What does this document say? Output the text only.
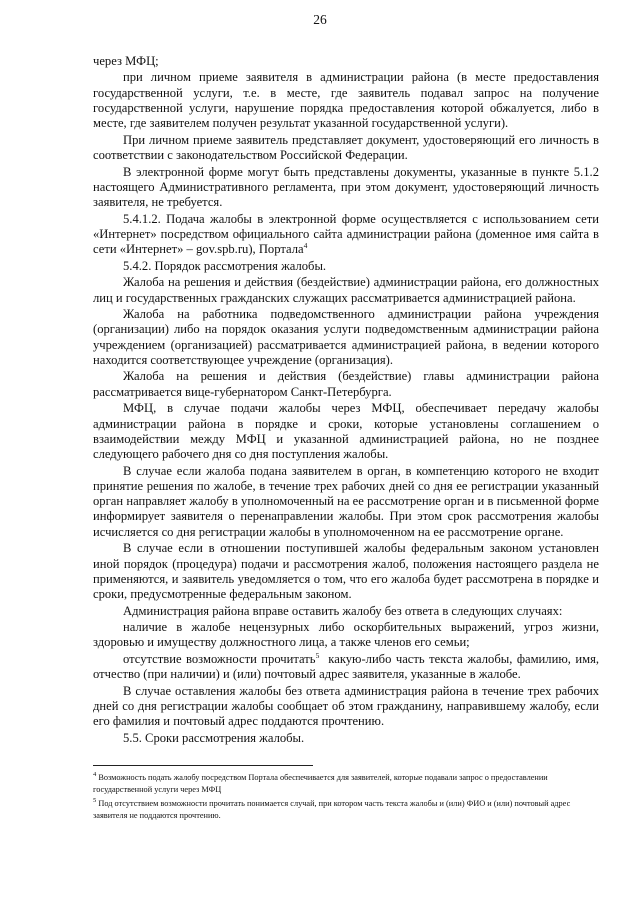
26

через МФЦ;

при личном приеме заявителя в администрации района (в месте предоставления государственной услуги, т.е. в месте, где заявитель подавал запрос на получение государственной услуги, нарушение порядка предоставления которой обжалуется, либо в месте, где заявителем получен результат указанной государственной услуги).

При личном приеме заявитель представляет документ, удостоверяющий его личность в соответствии с законодательством Российской Федерации.

В электронной форме могут быть представлены документы, указанные в пункте 5.1.2 настоящего Административного регламента, при этом документ, удостоверяющий личность заявителя, не требуется.

5.4.1.2. Подача жалобы в электронной форме осуществляется с использованием сети «Интернет» посредством официального сайта администрации района (доменное имя сайта в сети «Интернет» – gov.spb.ru), Портала$^4$

5.4.2. Порядок рассмотрения жалобы.

Жалоба на решения и действия (бездействие) администрации района, его должностных лиц и государственных гражданских служащих рассматривается администрацией района.

Жалоба на работника подведомственного администрации района учреждения (организации) либо на порядок оказания услуги подведомственным администрации района учреждением (организацией) рассматривается администрацией района, в ведении которого находится соответствующее учреждение (организация).

Жалоба на решения и действия (бездействие) главы администрации района рассматривается вице-губернатором Санкт-Петербурга.

МФЦ, в случае подачи жалобы через МФЦ, обеспечивает передачу жалобы администрации района в порядке и сроки, которые установлены соглашением о взаимодействии между МФЦ и указанной администрацией района, но не позднее следующего рабочего дня со дня поступления жалобы.

В случае если жалоба подана заявителем в орган, в компетенцию которого не входит принятие решения по жалобе, в течение трех рабочих дней со дня ее регистрации указанный орган направляет жалобу в уполномоченный на ее рассмотрение орган и в письменной форме информирует заявителя о перенаправлении жалобы. При этом срок рассмотрения жалобы исчисляется со дня регистрации жалобы в уполномоченном на ее рассмотрение органе.

В случае если в отношении поступившей жалобы федеральным законом установлен иной порядок (процедура) подачи и рассмотрения жалоб, положения настоящего раздела не применяются, и заявитель уведомляется о том, что его жалоба будет рассмотрена в порядке и сроки, предусмотренные федеральным законом.

Администрация района вправе оставить жалобу без ответа в следующих случаях:

наличие в жалобе нецензурных либо оскорбительных выражений, угроз жизни, здоровью и имуществу должностного лица, а также членов его семьи;

отсутствие возможности прочитать$^5$ какую-либо часть текста жалобы, фамилию, имя, отчество (при наличии) и (или) почтовый адрес заявителя, указанные в жалобе.

В случае оставления жалобы без ответа администрация района в течение трех рабочих дней со дня регистрации жалобы сообщает об этом гражданину, направившему жалобу, если его фамилия и почтовый адрес поддаются прочтению.

5.5. Сроки рассмотрения жалобы.

$^4$ Возможность подать жалобу посредством Портала обеспечивается для заявителей, которые подавали запрос о предоставлении государственной услуги через МФЦ

$^5$ Под отсутствием возможности прочитать понимается случай, при котором часть текста жалобы и (или) ФИО и (или) почтовый адрес заявителя не поддаются прочтению.
